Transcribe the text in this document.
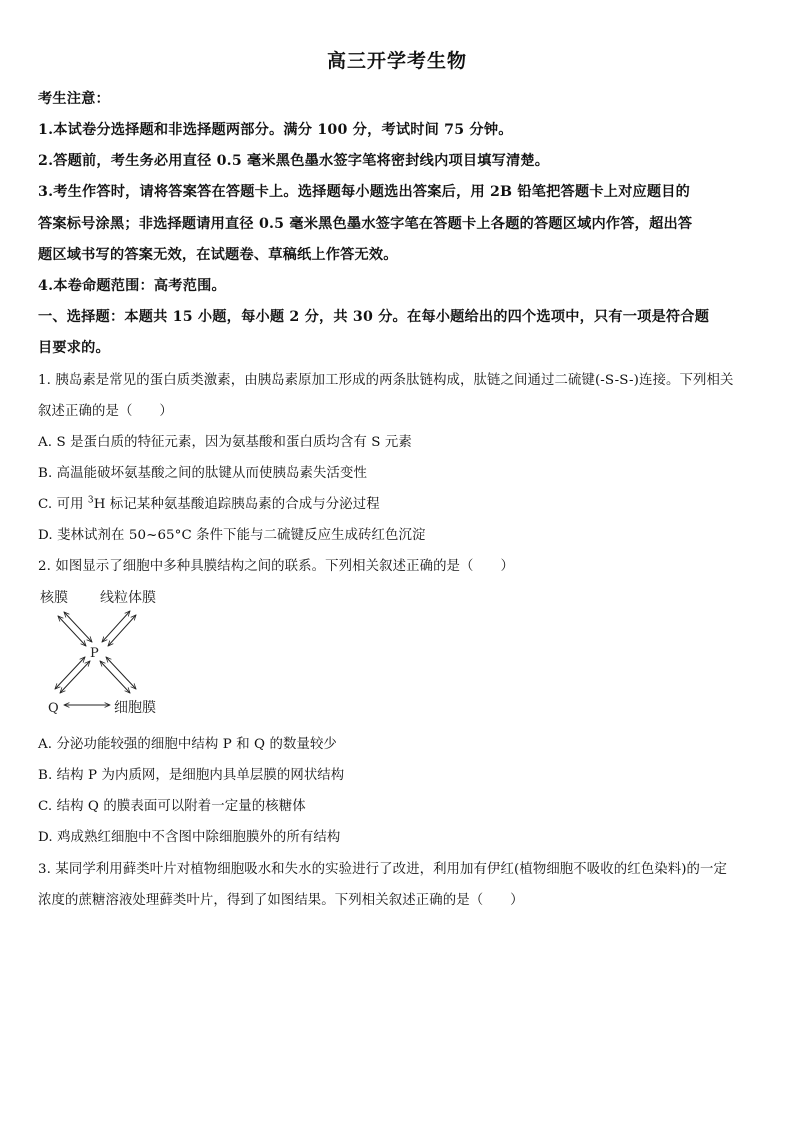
高三开学考生物
考生注意：
1.本试卷分选择题和非选择题两部分。满分 100 分，考试时间 75 分钟。
2.答题前，考生务必用直径 0.5 毫米黑色墨水签字笔将密封线内项目填写清楚。
3.考生作答时，请将答案答在答题卡上。选择题每小题选出答案后，用 2B 铅笔把答题卡上对应题目的
答案标号涂黑；非选择题请用直径 0.5 毫米黑色墨水签字笔在答题卡上各题的答题区域内作答，超出答
题区域书写的答案无效，在试题卷、草稿纸上作答无效。
4.本卷命题范围：高考范围。
一、选择题：本题共 15 小题，每小题 2 分，共 30 分。在每小题给出的四个选项中，只有一项是符合题
目要求的。
1. 胰岛素是常见的蛋白质类激素，由胰岛素原加工形成的两条肽链构成，肽链之间通过二硫键(-S-S-)连接。下列相关
叙述正确的是（　　）
A. S 是蛋白质的特征元素，因为氨基酸和蛋白质均含有 S 元素
B. 高温能破坏氨基酸之间的肽键从而使胰岛素失活变性
C. 可用 $^3$H 标记某种氨基酸追踪胰岛素的合成与分泌过程
D. 斐林试剂在 50~65°C 条件下能与二硫键反应生成砖红色沉淀
2. 如图显示了细胞中多种具膜结构之间的联系。下列相关叙述正确的是（　　）
核膜 线粒体膜
P
Q	细胞膜
A. 分泌功能较强的细胞中结构 P 和 Q 的数量较少
B. 结构 P 为内质网，是细胞内具单层膜的网状结构
C. 结构 Q 的膜表面可以附着一定量的核糖体
D. 鸡成熟红细胞中不含图中除细胞膜外的所有结构
3. 某同学利用藓类叶片对植物细胞吸水和失水的实验进行了改进，利用加有伊红(植物细胞不吸收的红色染料)的一定
浓度的蔗糖溶液处理藓类叶片，得到了如图结果。下列相关叙述正确的是（　　）
